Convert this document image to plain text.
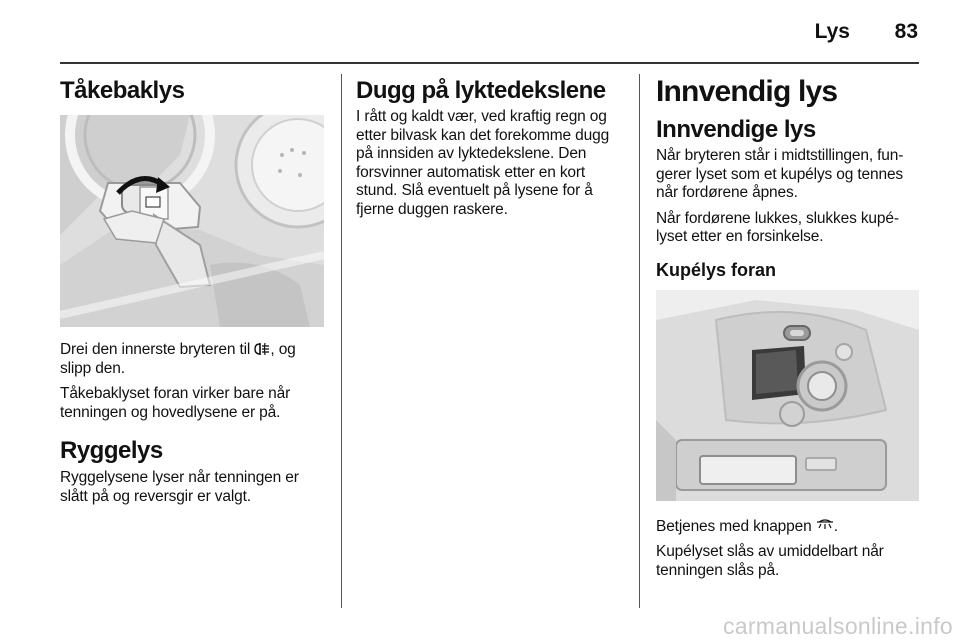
Lys	83
Tåkebaklys

Drei den innerste bryteren til , og slipp den.

Tåkebaklyset foran virker bare når tenningen og hovedlysene er på.

Ryggelys

Ryggelysene lyser når tenningen er slått på og reversgir er valgt.

Dugg på lyktedekslene

I rått og kaldt vær, ved kraftig regn og etter bilvask kan det forekomme dugg på innsiden av lyktedekslene. Den forsvinner automatisk etter en kort stund. Slå eventuelt på lysene for å fjerne duggen raskere.

Innvendig lys
Innvendige lys

Når bryteren står i midtstillingen, fun-gerer lyset som et kupélys og tennes når fordørene åpnes.

Når fordørene lukkes, slukkes kupé-lyset etter en forsinkelse.

Kupélys foran

Betjenes med knappen .

Kupélyset slås av umiddelbart når tenningen slås på.

carmanualsonline.info
